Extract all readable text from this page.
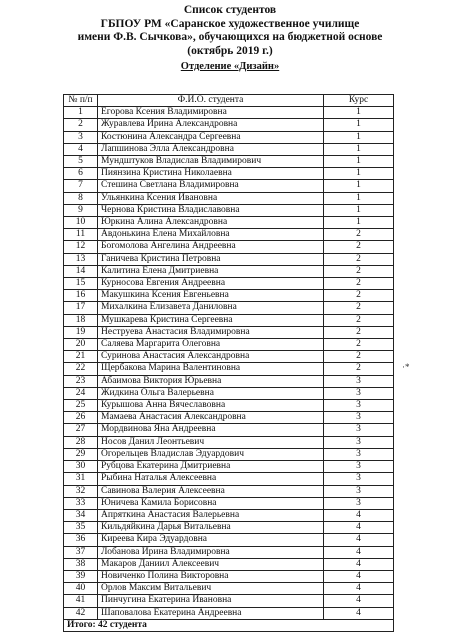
Список студентов
ГБПОУ РМ «Саранское художественное училище
имени Ф.В. Сычкова», обучающихся на бюджетной основе
(октябрь 2019 г.)
Отделение «Дизайн»
№ п/п	Ф.И.О. студента	Курс
1	Егорова Ксения Владимировна	1
2	Журавлева Ирина Александровна	1
3	Костюнина Александра Сергеевна	1
4	Лапшинова Элла Александровна	1
5	Мундштуков Владислав Владимирович	1
6	Пиянзина Кристина Николаевна	1
7	Стешина Светлана Владимировна	1
8	Ульянкина Ксения Ивановна	1
9	Чернова Кристина Владиславовна	1
10	Юркина Алина Александровна	1
11	Авдонькина Елена Михайловна	2
12	Богомолова Ангелина Андреевна	2
13	Ганичева Кристина Петровна	2
14	Калитина Елена Дмитриевна	2
15	Курносова Евгения Андреевна	2
16	Макушкина Ксения Евгеньевна	2
17	Михалкина Елизавета Даниловна	2
18	Мушкарева Кристина Сергеевна	2
19	Неструева Анастасия Владимировна	2
20	Саляева Маргарита Олеговна	2
21	Суринова Анастасия Александровна	2
22	Щербакова Марина Валентиновна	2
23	Абаимова Виктория Юрьевна	3
24	Жидкина Ольга Валерьевна	3
25	Курышова Анна Вячеславовна	3
26	Мамаева Анастасия Александровна	3
27	Мордвинова Яна Андреевна	3
28	Носов Данил Леонтьевич	3
29	Огорельцев Владислав Эдуардович	3
30	Рубцова Екатерина Дмитриевна	3
31	Рыбина Наталья Алексеевна	3
32	Савинова Валерия Алексеевна	3
33	Юничева Камила Борисовна	3
34	Апряткина Анастасия Валерьевна	4
35	Кильдяйкина Дарья Витальевна	4
36	Киреева Кира Эдуардовна	4
37	Лобанова Ирина Владимировна	4
38	Макаров Даниил Алексеевич	4
39	Новиченко Полина Викторовна	4
40	Орлов Максим Витальевич	4
41	Пинчугина Екатерина Ивановна	4
42	Шаповалова Екатерина Андреевна	4
Итого: 42 студента		
·*
